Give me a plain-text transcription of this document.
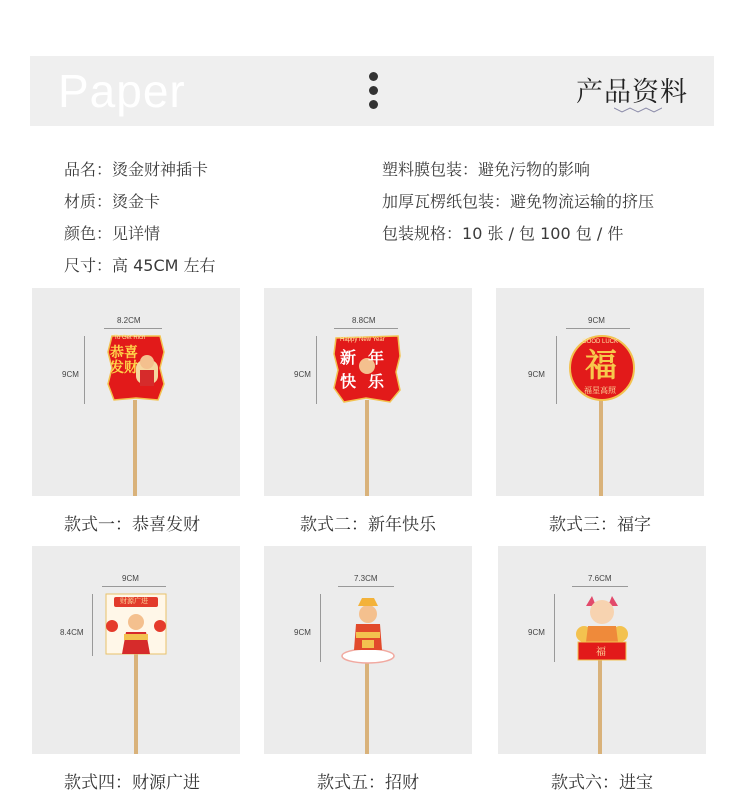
Paper	产品资料
品名：烫金财神插卡
材质：烫金卡
颜色：见详情
尺寸：高 45CM 左右
塑料膜包装：避免污物的影响
加厚瓦楞纸包装：避免物流运输的挤压
包装规格：10 张 / 包 100 包 / 件
8.2CM
9CM
To Get Rich
恭喜发财
款式一：恭喜发财
8.8CM
9CM
Happy New Year
新年快乐
款式二：新年快乐
9CM
9CM
GOOD LUCK
福
福星高照
款式三：福字
9CM
8.4CM
财源广进
款式四：财源广进
7.3CM
9CM
款式五：招财
7.6CM
9CM
福
款式六：进宝
